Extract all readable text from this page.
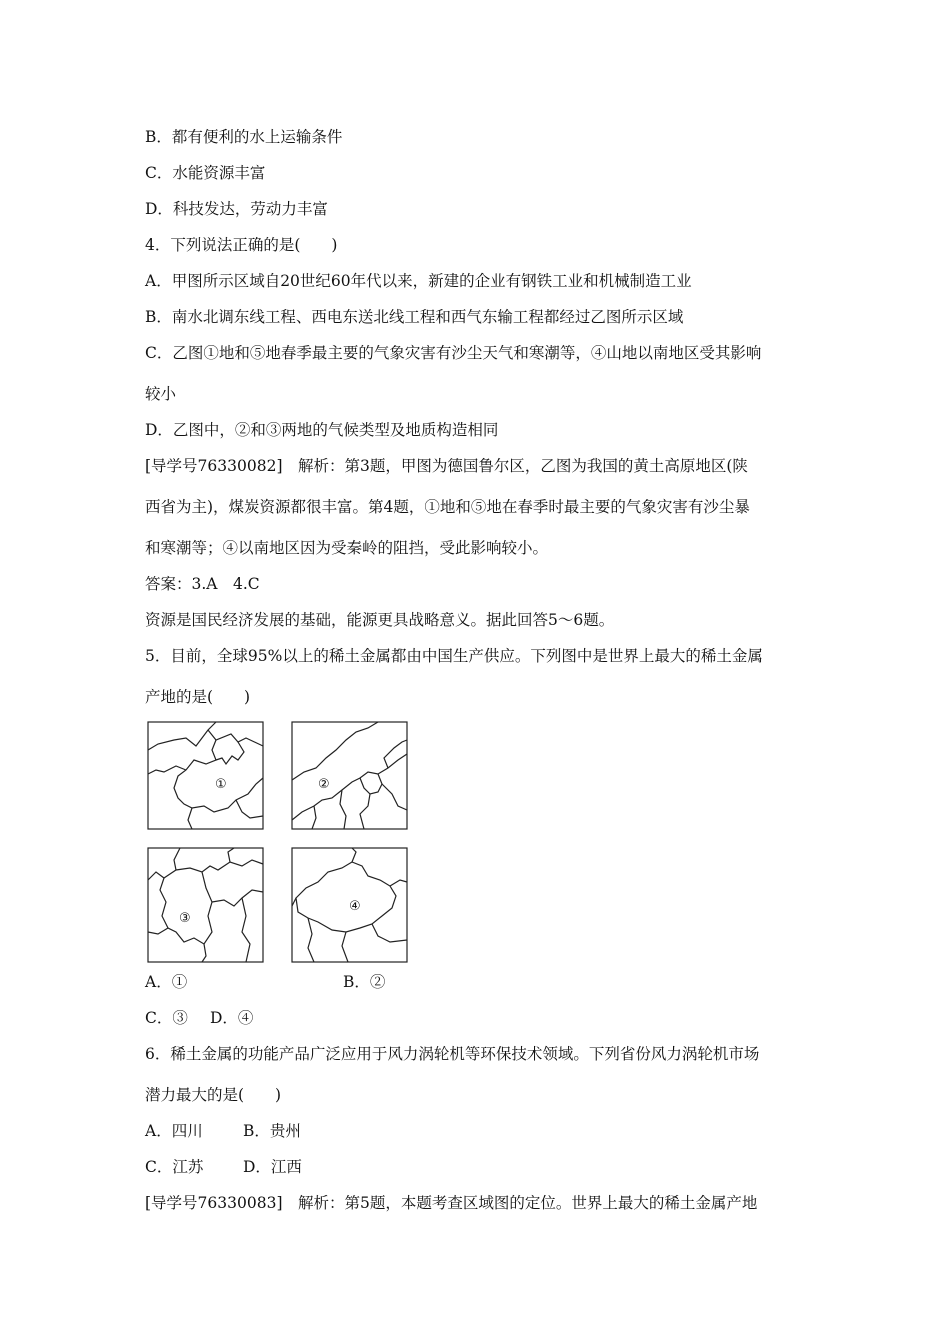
B．都有便利的水上运输条件
C．水能资源丰富
D．科技发达，劳动力丰富
4．下列说法正确的是(　　)
A．甲图所示区域自20世纪60年代以来，新建的企业有钢铁工业和机械制造工业
B．南水北调东线工程、西电东送北线工程和西气东输工程都经过乙图所示区域
C．乙图①地和⑤地春季最主要的气象灾害有沙尘天气和寒潮等，④山地以南地区受其影响
较小
D．乙图中，②和③两地的气候类型及地质构造相同
[导学号76330082]　解析：第3题，甲图为德国鲁尔区，乙图为我国的黄土高原地区(陕
西省为主)，煤炭资源都很丰富。第4题，①地和⑤地在春季时最主要的气象灾害有沙尘暴
和寒潮等；④以南地区因为受秦岭的阻挡，受此影响较小。
答案：3.A　4.C
资源是国民经济发展的基础，能源更具战略意义。据此回答5～6题。
5．目前，全球95%以上的稀土金属都由中国生产供应。下列图中是世界上最大的稀土金属
产地的是(　　)
①	②
③
④
A．①	B．②
C．③ D．④
6．稀土金属的功能产品广泛应用于风力涡轮机等环保技术领域。下列省份风力涡轮机市场
潜力最大的是(　　)
A．四川	B．贵州
C．江苏	D．江西
[导学号76330083]　解析：第5题，本题考查区域图的定位。世界上最大的稀土金属产地
